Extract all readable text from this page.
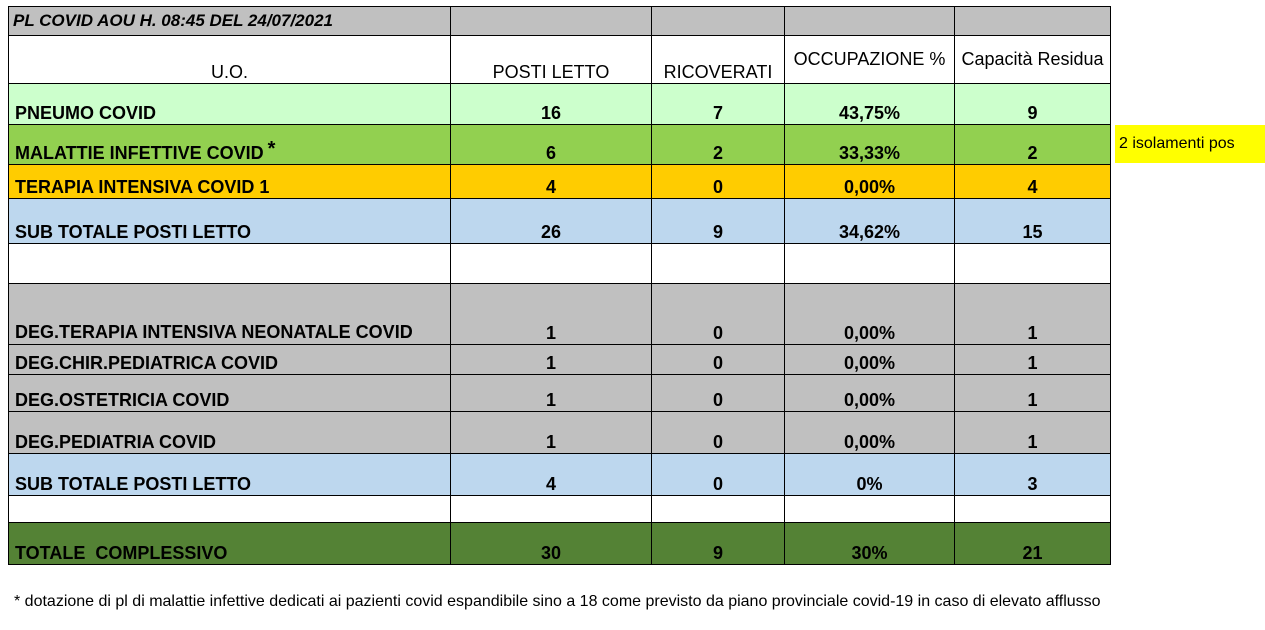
PL COVID AOU H. 08:45 DEL 24/07/2021				
U.O.	POSTI LETTO	RICOVERATI	OCCUPAZIONE %	Capacità Residua
PNEUMO COVID	16	7	43,75%	9
MALATTIE INFETTIVE COVID *	6	2	33,33%	2
TERAPIA INTENSIVA COVID 1	4	0	0,00%	4
SUB TOTALE POSTI LETTO	26	9	34,62%	15

DEG.TERAPIA INTENSIVA NEONATALE COVID	1	0	0,00%	1
DEG.CHIR.PEDIATRICA COVID	1	0	0,00%	1
DEG.OSTETRICIA COVID	1	0	0,00%	1
DEG.PEDIATRIA COVID	1	0	0,00%	1
SUB TOTALE POSTI LETTO	4	0	0%	3

TOTALE  COMPLESSIVO	30	9	30%	21
2 isolamenti pos
* dotazione di pl di malattie infettive dedicati ai pazienti covid espandibile sino a 18 come previsto da piano provinciale covid-19 in caso di elevato afflusso
